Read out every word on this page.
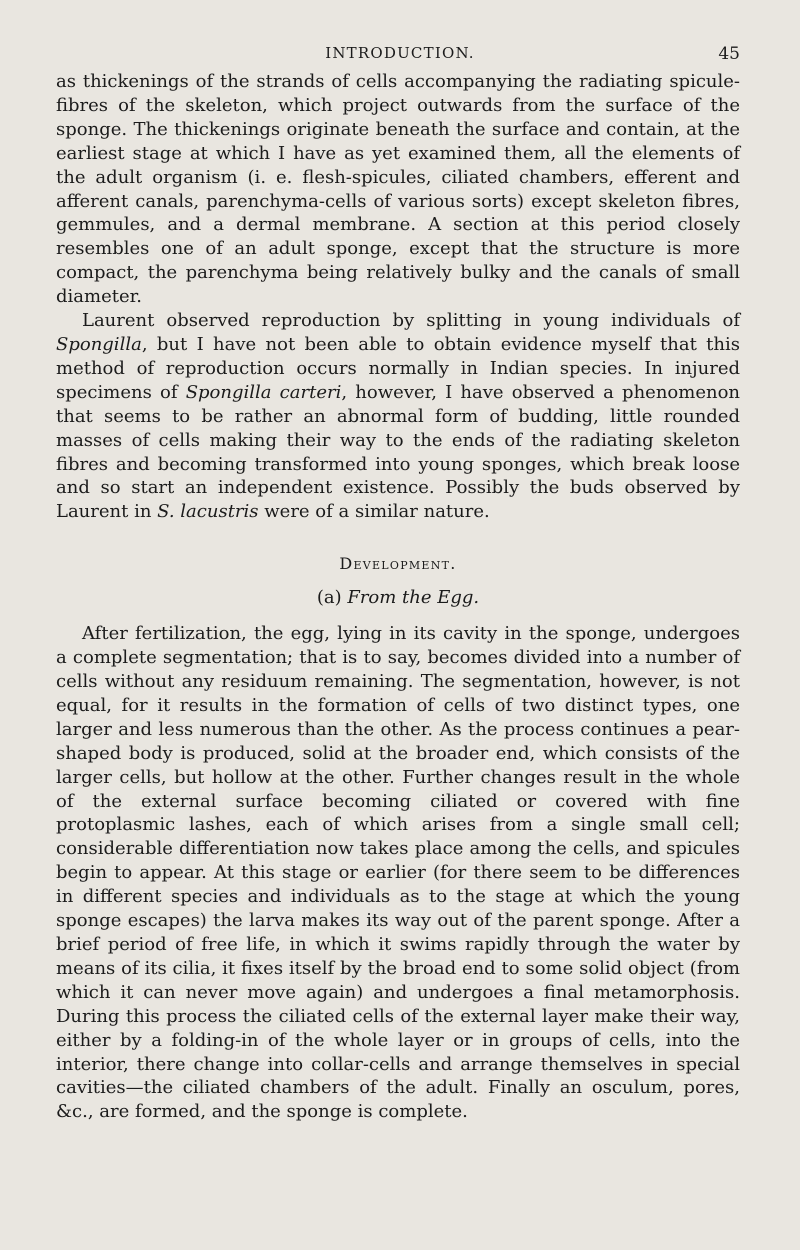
INTRODUCTION.	45

as thickenings of the strands of cells accompanying the radiating spicule-fibres of the skeleton, which project outwards from the surface of the sponge. The thickenings originate beneath the surface and contain, at the earliest stage at which I have as yet examined them, all the elements of the adult organism (i. e. flesh-spicules, ciliated chambers, efferent and afferent canals, parenchyma-cells of various sorts) except skeleton fibres, gemmules, and a dermal membrane. A section at this period closely resembles one of an adult sponge, except that the structure is more compact, the parenchyma being relatively bulky and the canals of small diameter.

Laurent observed reproduction by splitting in young individuals of Spongilla, but I have not been able to obtain evidence myself that this method of reproduction occurs normally in Indian species. In injured specimens of Spongilla carteri, however, I have observed a phenomenon that seems to be rather an abnormal form of budding, little rounded masses of cells making their way to the ends of the radiating skeleton fibres and becoming transformed into young sponges, which break loose and so start an independent existence. Possibly the buds observed by Laurent in S. lacustris were of a similar nature.

Development.
(a) From the Egg.

After fertilization, the egg, lying in its cavity in the sponge, undergoes a complete segmentation; that is to say, becomes divided into a number of cells without any residuum remaining. The segmentation, however, is not equal, for it results in the formation of cells of two distinct types, one larger and less numerous than the other. As the process continues a pear-shaped body is produced, solid at the broader end, which consists of the larger cells, but hollow at the other. Further changes result in the whole of the external surface becoming ciliated or covered with fine protoplasmic lashes, each of which arises from a single small cell; considerable differentiation now takes place among the cells, and spicules begin to appear. At this stage or earlier (for there seem to be differences in different species and individuals as to the stage at which the young sponge escapes) the larva makes its way out of the parent sponge. After a brief period of free life, in which it swims rapidly through the water by means of its cilia, it fixes itself by the broad end to some solid object (from which it can never move again) and undergoes a final metamorphosis. During this process the ciliated cells of the external layer make their way, either by a folding-in of the whole layer or in groups of cells, into the interior, there change into collar-cells and arrange themselves in special cavities—the ciliated chambers of the adult. Finally an osculum, pores, &c., are formed, and the sponge is complete.
